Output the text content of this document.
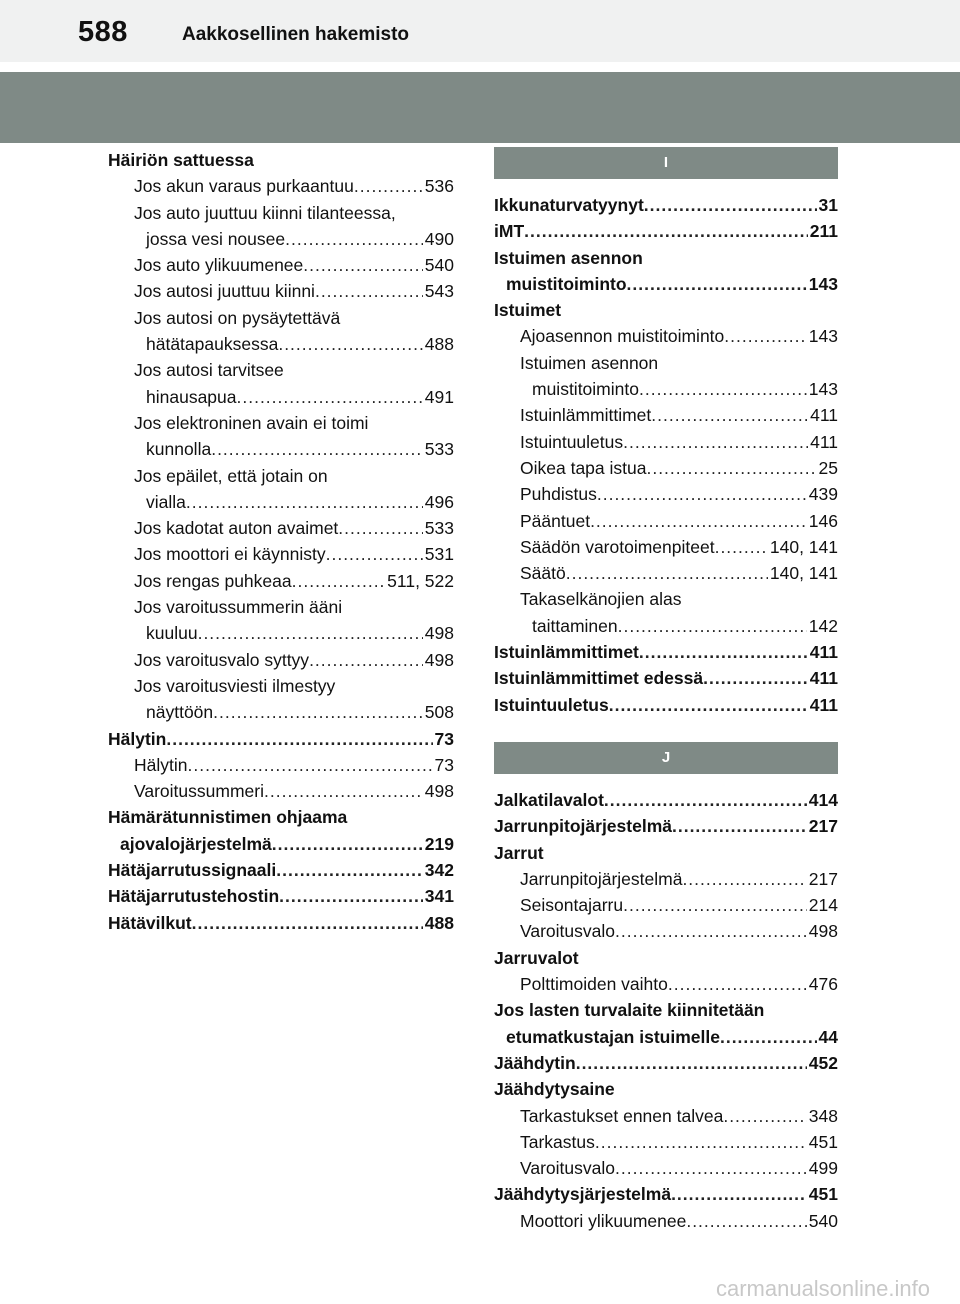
588	Aakkosellinen hakemisto
Häiriön sattuessa
Jos akun varaus purkaantuu .....	536
Jos auto juuttuu kiinni tilanteessa,
jossa vesi nousee .....	490
Jos auto ylikuumenee .....	540
Jos autosi juuttuu kiinni .....	543
Jos autosi on pysäytettävä
hätätapauksessa .....	488
Jos autosi tarvitsee
hinausapua .....	491
Jos elektroninen avain ei toimi
kunnolla .....	533
Jos epäilet, että jotain on
vialla .....	496
Jos kadotat auton avaimet .....	533
Jos moottori ei käynnisty .....	531
Jos rengas puhkeaa .....	511, 522
Jos varoitussummerin ääni
kuuluu .....	498
Jos varoitusvalo syttyy .....	498
Jos varoitusviesti ilmestyy
näyttöön .....	508
Hälytin .....	73
Hälytin .....	73
Varoitussummeri .....	498
Hämärätunnistimen ohjaama
ajovalojärjestelmä .....	219
Hätäjarrutussignaali .....	342
Hätäjarrutustehostin .....	341
Hätävilkut .....	488
I
Ikkunaturvatyynyt .....	31
iMT .....	211
Istuimen asennon
muistitoiminto .....	143
Istuimet
Ajoasennon muistitoiminto .....	143
Istuimen asennon
muistitoiminto .....	143
Istuinlämmittimet .....	411
Istuintuuletus .....	411
Oikea tapa istua .....	25
Puhdistus .....	439
Pääntuet .....	146
Säädön varotoimenpiteet .....	140, 141
Säätö .....	140, 141
Takaselkänojien alas
taittaminen .....	142
Istuinlämmittimet .....	411
Istuinlämmittimet edessä .....	411
Istuintuuletus .....	411
J
Jalkatilavalot .....	414
Jarrunpitojärjestelmä .....	217
Jarrut
Jarrunpitojärjestelmä .....	217
Seisontajarru .....	214
Varoitusvalo .....	498
Jarruvalot
Polttimoiden vaihto .....	476
Jos lasten turvalaite kiinnitetään
etumatkustajan istuimelle .....	44
Jäähdytin .....	452
Jäähdytysaine
Tarkastukset ennen talvea .....	348
Tarkastus .....	451
Varoitusvalo .....	499
Jäähdytysjärjestelmä .....	451
Moottori ylikuumenee .....	540
carmanualsonline.info
